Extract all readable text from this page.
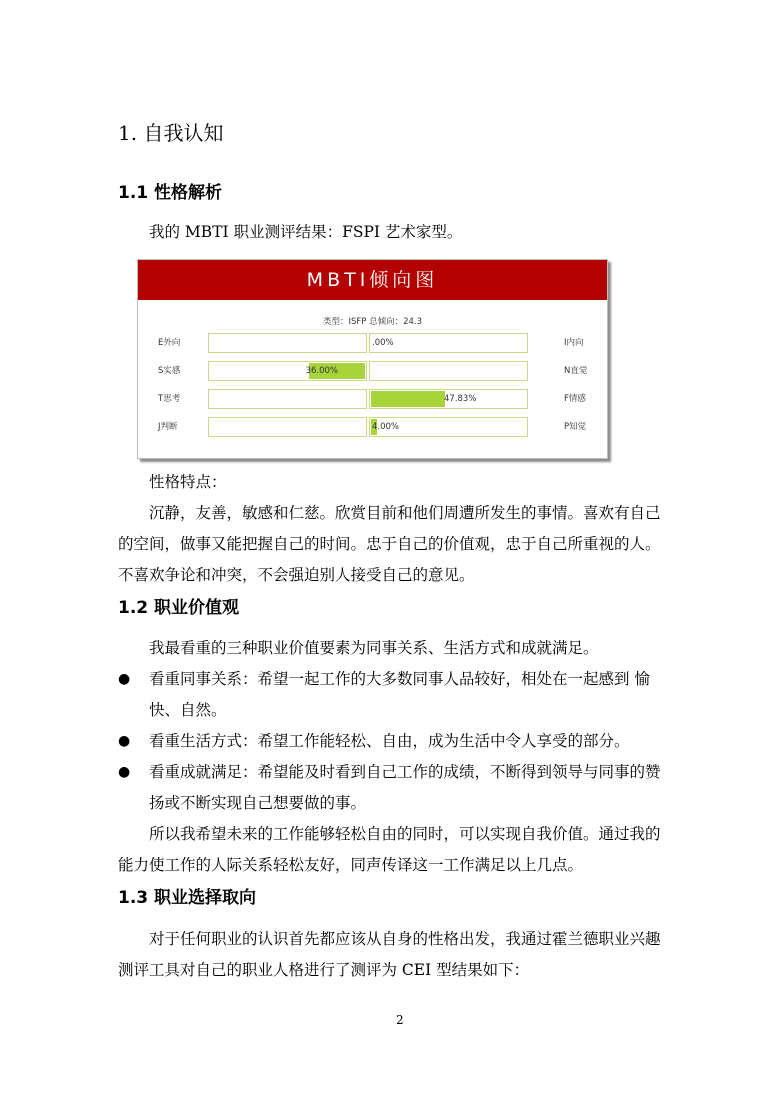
1. 自我认知
1.1 性格解析
我的 MBTI 职业测评结果：FSPI 艺术家型。
MBTI倾向图
类型：ISFP 总倾向：24.3
E外向	.00%	I内向
S实感	36.00%	N直觉
T思考	47.83%	F情感
J判断	4.00%	P知觉
性格特点：
沉静，友善，敏感和仁慈。欣赏目前和他们周遭所发生的事情。喜欢有自己
的空间，做事又能把握自己的时间。忠于自己的价值观，忠于自己所重视的人。
不喜欢争论和冲突，不会强迫别人接受自己的意见。
1.2 职业价值观
我最看重的三种职业价值要素为同事关系、生活方式和成就满足。
● 看重同事关系：希望一起工作的大多数同事人品较好，相处在一起感到 愉
快、自然。
● 看重生活方式：希望工作能轻松、自由，成为生活中令人享受的部分。
● 看重成就满足：希望能及时看到自己工作的成绩，不断得到领导与同事的赞
扬或不断实现自己想要做的事。
所以我希望未来的工作能够轻松自由的同时，可以实现自我价值。通过我的
能力使工作的人际关系轻松友好，同声传译这一工作满足以上几点。
1.3 职业选择取向
对于任何职业的认识首先都应该从自身的性格出发，我通过霍兰德职业兴趣
测评工具对自己的职业人格进行了测评为 CEI 型结果如下：
2
